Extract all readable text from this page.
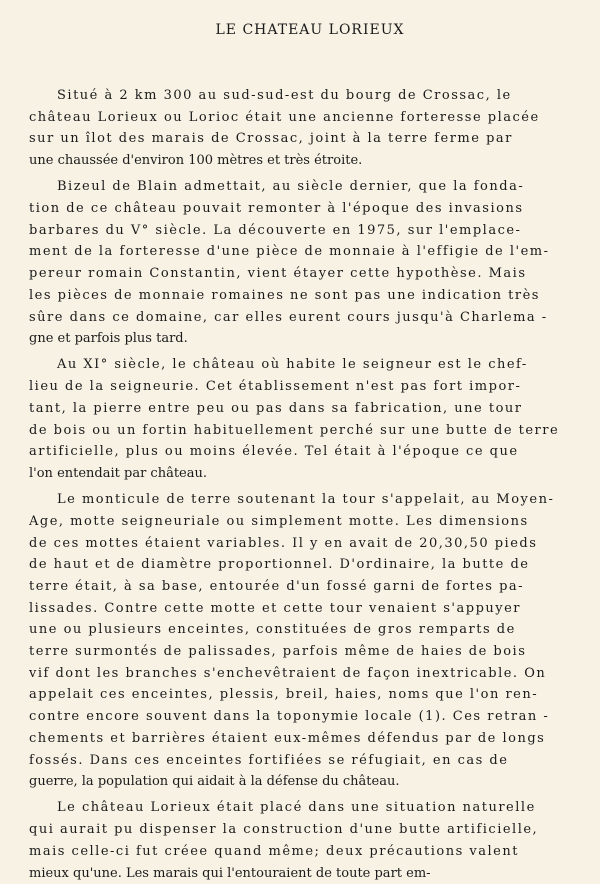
LE CHATEAU LORIEUX
Situé à 2 km 300 au sud-sud-est du bourg de Crossac, le
château Lorieux ou Lorioc était une ancienne forteresse placée
sur un îlot des marais de Crossac, joint à la terre ferme par
une chaussée d'environ 100 mètres et très étroite.
Bizeul de Blain admettait, au siècle dernier, que la fonda-
tion de ce château pouvait remonter à l'époque des invasions
barbares du V° siècle. La découverte en 1975, sur l'emplace-
ment de la forteresse d'une pièce de monnaie à l'effigie de l'em-
pereur romain Constantin, vient étayer cette hypothèse. Mais
les pièces de monnaie romaines ne sont pas une indication très
sûre dans ce domaine, car elles eurent cours jusqu'à Charlema -
gne et parfois plus tard.
Au XI° siècle, le château où habite le seigneur est le chef-
lieu de la seigneurie. Cet établissement n'est pas fort impor-
tant, la pierre entre peu ou pas dans sa fabrication, une tour
de bois ou un fortin habituellement perché sur une butte de terre
artificielle, plus ou moins élevée. Tel était à l'époque ce que
l'on entendait par château.
Le monticule de terre soutenant la tour s'appelait, au Moyen-
Age, motte seigneuriale ou simplement motte. Les dimensions
de ces mottes étaient variables. Il y en avait de 20,30,50 pieds
de haut et de diamètre proportionnel. D'ordinaire, la butte de
terre était, à sa base, entourée d'un fossé garni de fortes pa-
lissades. Contre cette motte et cette tour venaient s'appuyer
une ou plusieurs enceintes, constituées de gros remparts de
terre surmontés de palissades, parfois même de haies de bois
vif dont les branches s'enchevêtraient de façon inextricable. On
appelait ces enceintes, plessis, breil, haies, noms que l'on ren-
contre encore souvent dans la toponymie locale (1). Ces retran -
chements et barrières étaient eux-mêmes défendus par de longs
fossés. Dans ces enceintes fortifiées se réfugiait, en cas de
guerre, la population qui aidait à la défense du château.
Le château Lorieux était placé dans une situation naturelle
qui aurait pu dispenser la construction d'une butte artificielle,
mais celle-ci fut créee quand même; deux précautions valent
mieux qu'une. Les marais qui l'entouraient de toute part em-
